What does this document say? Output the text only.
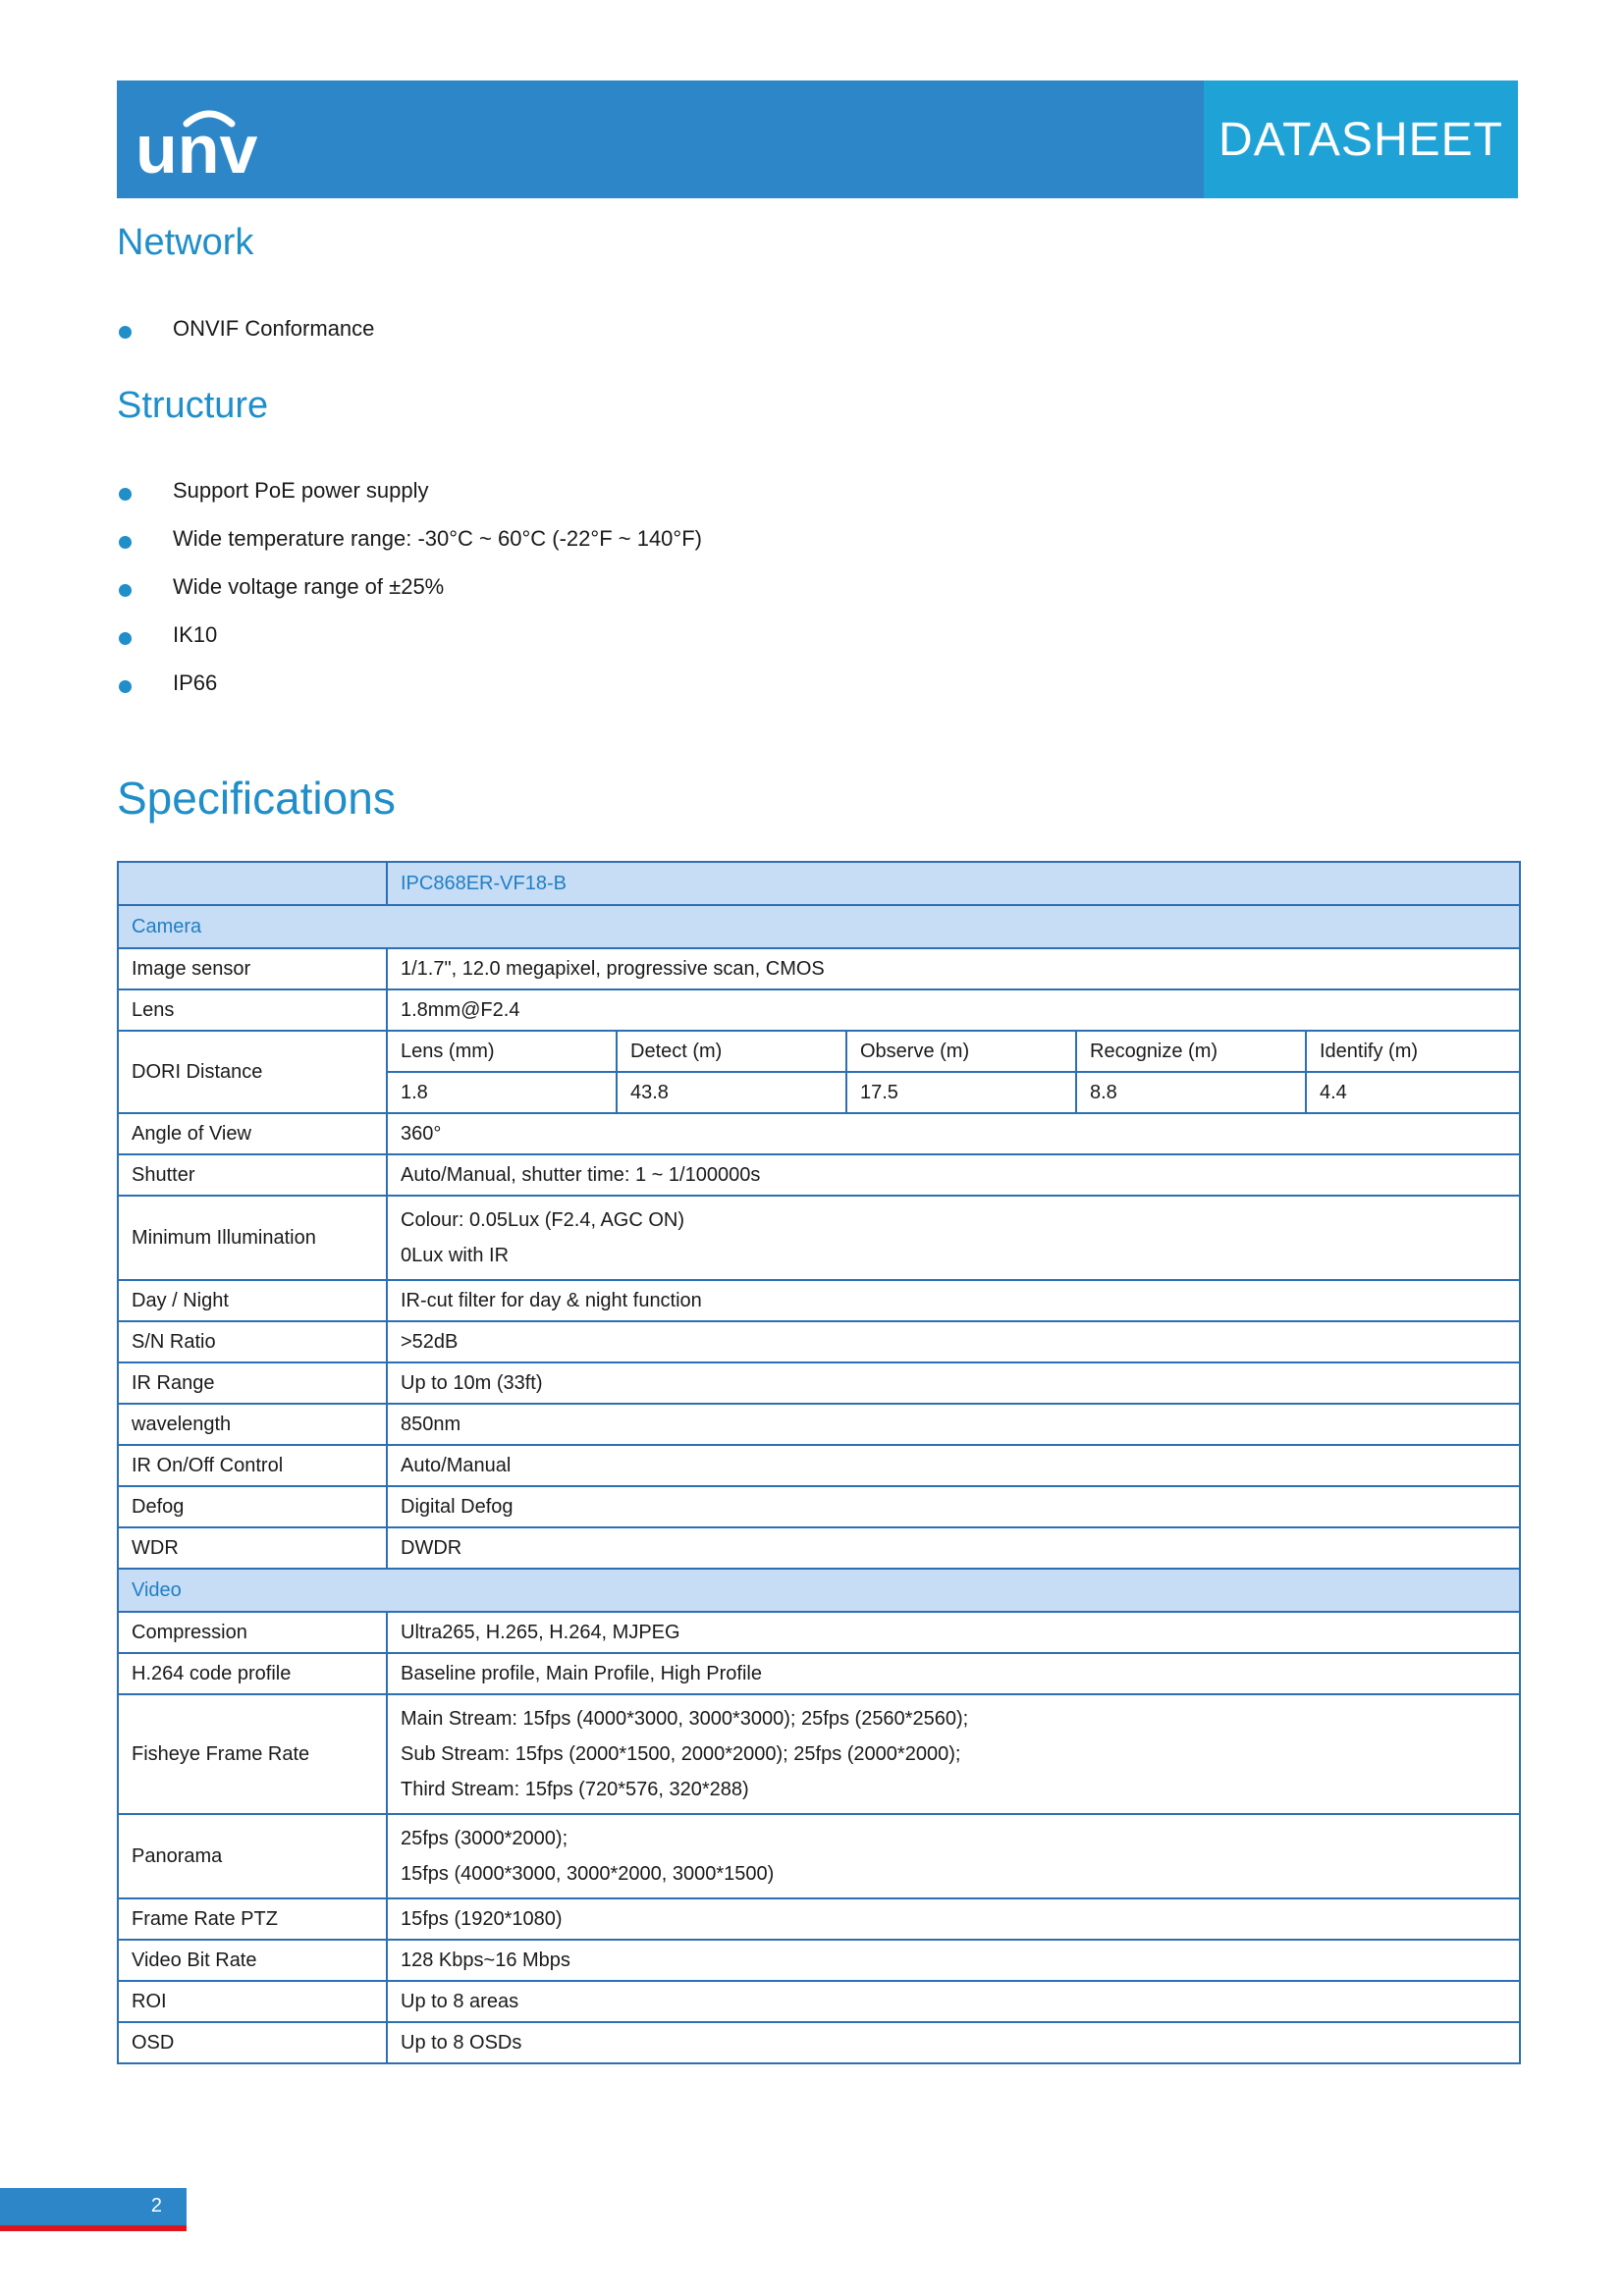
unv	DATASHEET
Network
ONVIF Conformance
Structure
Support PoE power supply
Wide temperature range: -30°C ~ 60°C (-22°F ~ 140°F)
Wide voltage range of ±25%
IK10
IP66
Specifications
	IPC868ER-VF18-B				
Camera					
Image sensor	1/1.7", 12.0 megapixel, progressive scan, CMOS				
Lens	1.8mm@F2.4				
DORI Distance	Lens (mm)	Detect (m)	Observe (m)	Recognize (m)	Identify (m)
	1.8	43.8	17.5	8.8	4.4
Angle of View	360°				
Shutter	Auto/Manual, shutter time: 1 ~ 1/100000s				
Minimum Illumination	Colour: 0.05Lux (F2.4, AGC ON)
0Lux with IR				

Day / Night	IR-cut filter for day & night function				
S/N Ratio	>52dB				
IR Range	Up to 10m (33ft)				
wavelength	850nm				
IR On/Off Control	Auto/Manual				
Defog	Digital Defog				
WDR	DWDR				
Video					
Compression	Ultra265, H.265, H.264, MJPEG				
H.264 code profile	Baseline profile, Main Profile, High Profile				
Fisheye Frame Rate	Main Stream: 15fps (4000*3000, 3000*3000); 25fps (2560*2560);
Sub Stream: 15fps (2000*1500, 2000*2000); 25fps (2000*2000);
Third Stream: 15fps (720*576, 320*288)				

Panorama	25fps (3000*2000);
15fps (4000*3000, 3000*2000, 3000*1500)				

Frame Rate PTZ	15fps (1920*1080)				
Video Bit Rate	128 Kbps~16 Mbps				
ROI	Up to 8 areas				
OSD	Up to 8 OSDs				
2
